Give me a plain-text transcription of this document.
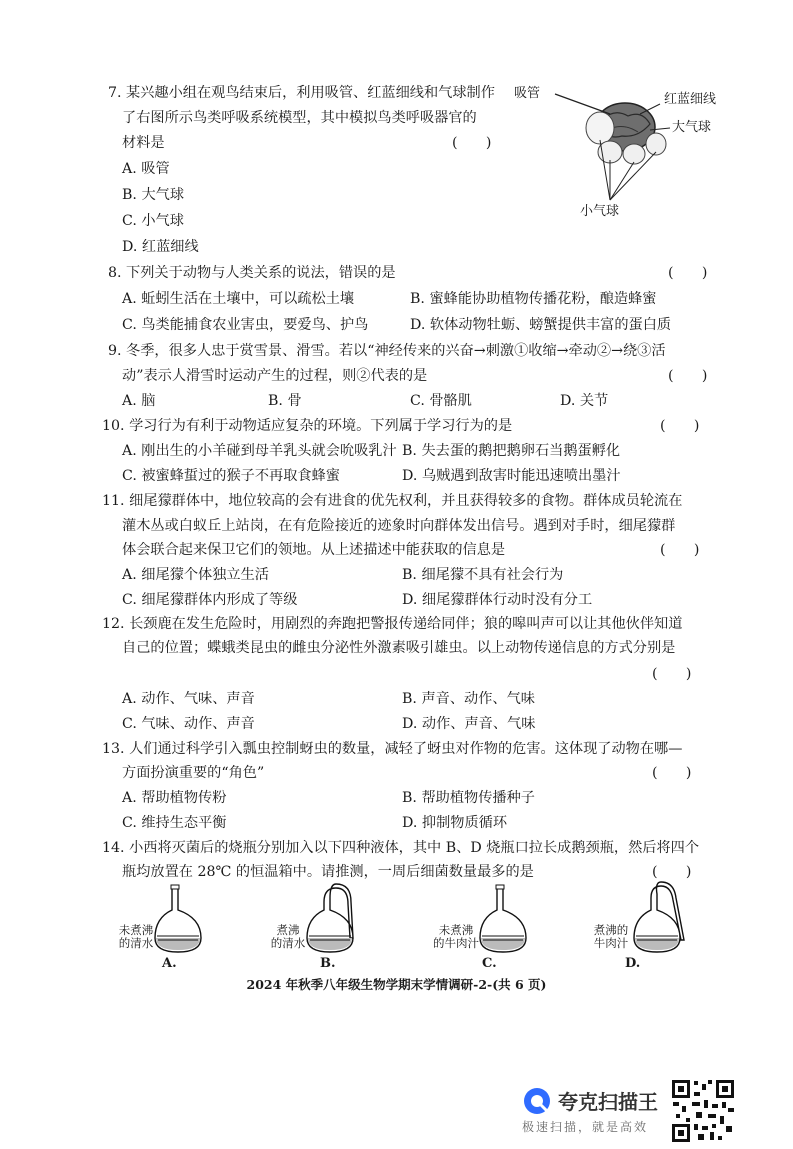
7. 某兴趣小组在观鸟结束后，利用吸管、红蓝细线和气球制作
了右图所示鸟类呼吸系统模型，其中模拟鸟类呼吸器官的
材料是	(　　)
A. 吸管
B. 大气球
C. 小气球
D. 红蓝细线
吸管	红蓝细线
大气球
小气球
8. 下列关于动物与人类关系的说法，错误的是	(　　)
A. 蚯蚓生活在土壤中，可以疏松土壤	B. 蜜蜂能协助植物传播花粉，酿造蜂蜜
C. 鸟类能捕食农业害虫，要爱鸟、护鸟	D. 软体动物牡蛎、螃蟹提供丰富的蛋白质
9. 冬季，很多人忠于赏雪景、滑雪。若以“神经传来的兴奋→刺激①收缩→牵动②→绕③活
动”表示人滑雪时运动产生的过程，则②代表的是	(　　)
A. 脑	B. 骨	C. 骨骼肌	D. 关节
10. 学习行为有利于动物适应复杂的环境。下列属于学习行为的是	(　　)
A. 刚出生的小羊碰到母羊乳头就会吮吸乳汁 B. 失去蛋的鹅把鹅卵石当鹅蛋孵化
C. 被蜜蜂蜇过的猴子不再取食蜂蜜	D. 乌贼遇到敌害时能迅速喷出墨汁
11. 细尾獴群体中，地位较高的会有进食的优先权利，并且获得较多的食物。群体成员轮流在
灌木丛或白蚁丘上站岗，在有危险接近的迹象时向群体发出信号。遇到对手时，细尾獴群
体会联合起来保卫它们的领地。从上述描述中能获取的信息是	(　　)
A. 细尾獴个体独立生活	B. 细尾獴不具有社会行为
C. 细尾獴群体内形成了等级	D. 细尾獴群体行动时没有分工
12. 长颈鹿在发生危险时，用剧烈的奔跑把警报传递给同伴；狼的嗥叫声可以让其他伙伴知道
自己的位置；蝶蛾类昆虫的雌虫分泌性外激素吸引雄虫。以上动物传递信息的方式分别是
(　　)
A. 动作、气味、声音	B. 声音、动作、气味
C. 气味、动作、声音	D. 动作、声音、气味
13. 人们通过科学引入瓢虫控制蚜虫的数量，减轻了蚜虫对作物的危害。这体现了动物在哪—
方面扮演重要的“角色”	(　　)
A. 帮助植物传粉	B. 帮助植物传播种子
C. 维持生态平衡	D. 抑制物质循环
14. 小西将灭菌后的烧瓶分别加入以下四种液体，其中 B、D 烧瓶口拉长成鹅颈瓶，然后将四个
瓶均放置在 28℃ 的恒温箱中。请推测，一周后细菌数量最多的是	(　　)
未煮沸
的清水
A.
煮沸
的清水
B.
未煮沸
的牛肉汁
C.
煮沸的
牛肉汁
D.
2024 年秋季八年级生物学期末学情调研-2-(共 6 页)
夸克扫描王
极速扫描，就是高效
